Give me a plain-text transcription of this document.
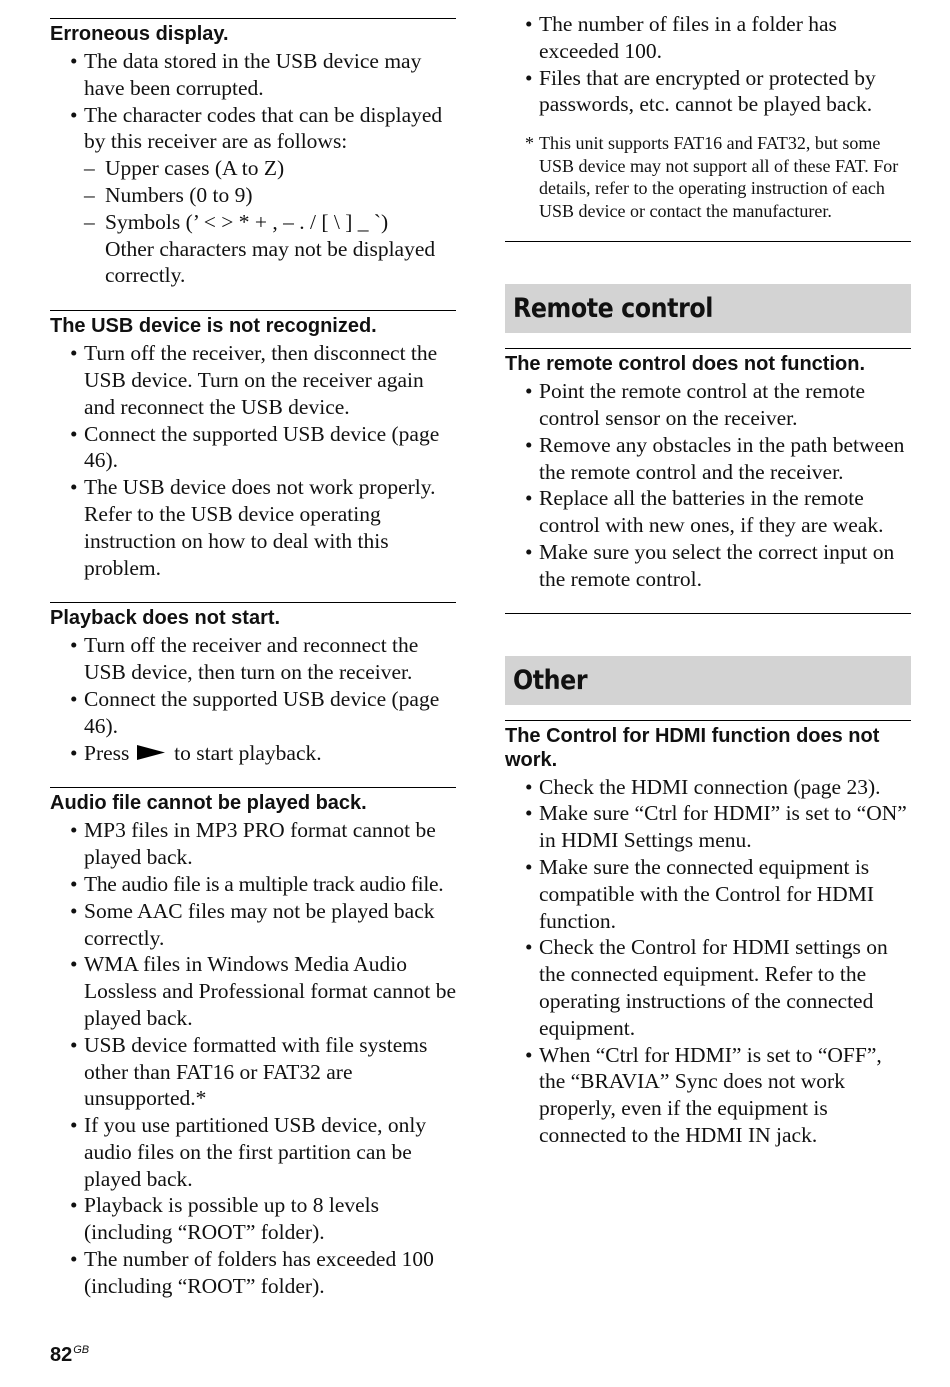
Erroneous display.
• The data stored in the USB device may have been corrupted.
• The character codes that can be displayed by this receiver are as follows:
– Upper cases (A to Z)
– Numbers (0 to 9)
– Symbols (’ < > * + , – . / [ \ ] _ `)
Other characters may not be displayed correctly.
The USB device is not recognized.
• Turn off the receiver, then disconnect the USB device. Turn on the receiver again and reconnect the USB device.
• Connect the supported USB device (page 46).
• The USB device does not work properly. Refer to the USB device operating instruction on how to deal with this problem.
Playback does not start.
• Turn off the receiver and reconnect the USB device, then turn on the receiver.
• Connect the supported USB device (page 46).
• Press to start playback.
Audio file cannot be played back.
• MP3 files in MP3 PRO format cannot be played back.
• The audio file is a multiple track audio file.
• Some AAC files may not be played back correctly.
• WMA files in Windows Media Audio Lossless and Professional format cannot be played back.
• USB device formatted with file systems other than FAT16 or FAT32 are unsupported.*
• If you use partitioned USB device, only audio files on the first partition can be played back.
• Playback is possible up to 8 levels (including “ROOT” folder).
• The number of folders has exceeded 100 (including “ROOT” folder).
• The number of files in a folder has exceeded 100.
• Files that are encrypted or protected by passwords, etc. cannot be played back.
* This unit supports FAT16 and FAT32, but some USB device may not support all of these FAT. For details, refer to the operating instruction of each USB device or contact the manufacturer.
Remote control
The remote control does not function.
• Point the remote control at the remote control sensor on the receiver.
• Remove any obstacles in the path between the remote control and the receiver.
• Replace all the batteries in the remote control with new ones, if they are weak.
• Make sure you select the correct input on the remote control.
Other
The Control for HDMI function does not work.
• Check the HDMI connection (page 23).
• Make sure “Ctrl for HDMI” is set to “ON” in HDMI Settings menu.
• Make sure the connected equipment is compatible with the Control for HDMI function.
• Check the Control for HDMI settings on the connected equipment. Refer to the operating instructions of the connected equipment.
• When “Ctrl for HDMI” is set to “OFF”, the “BRAVIA” Sync does not work properly, even if the equipment is connected to the HDMI IN jack.
$82^{GB}$
